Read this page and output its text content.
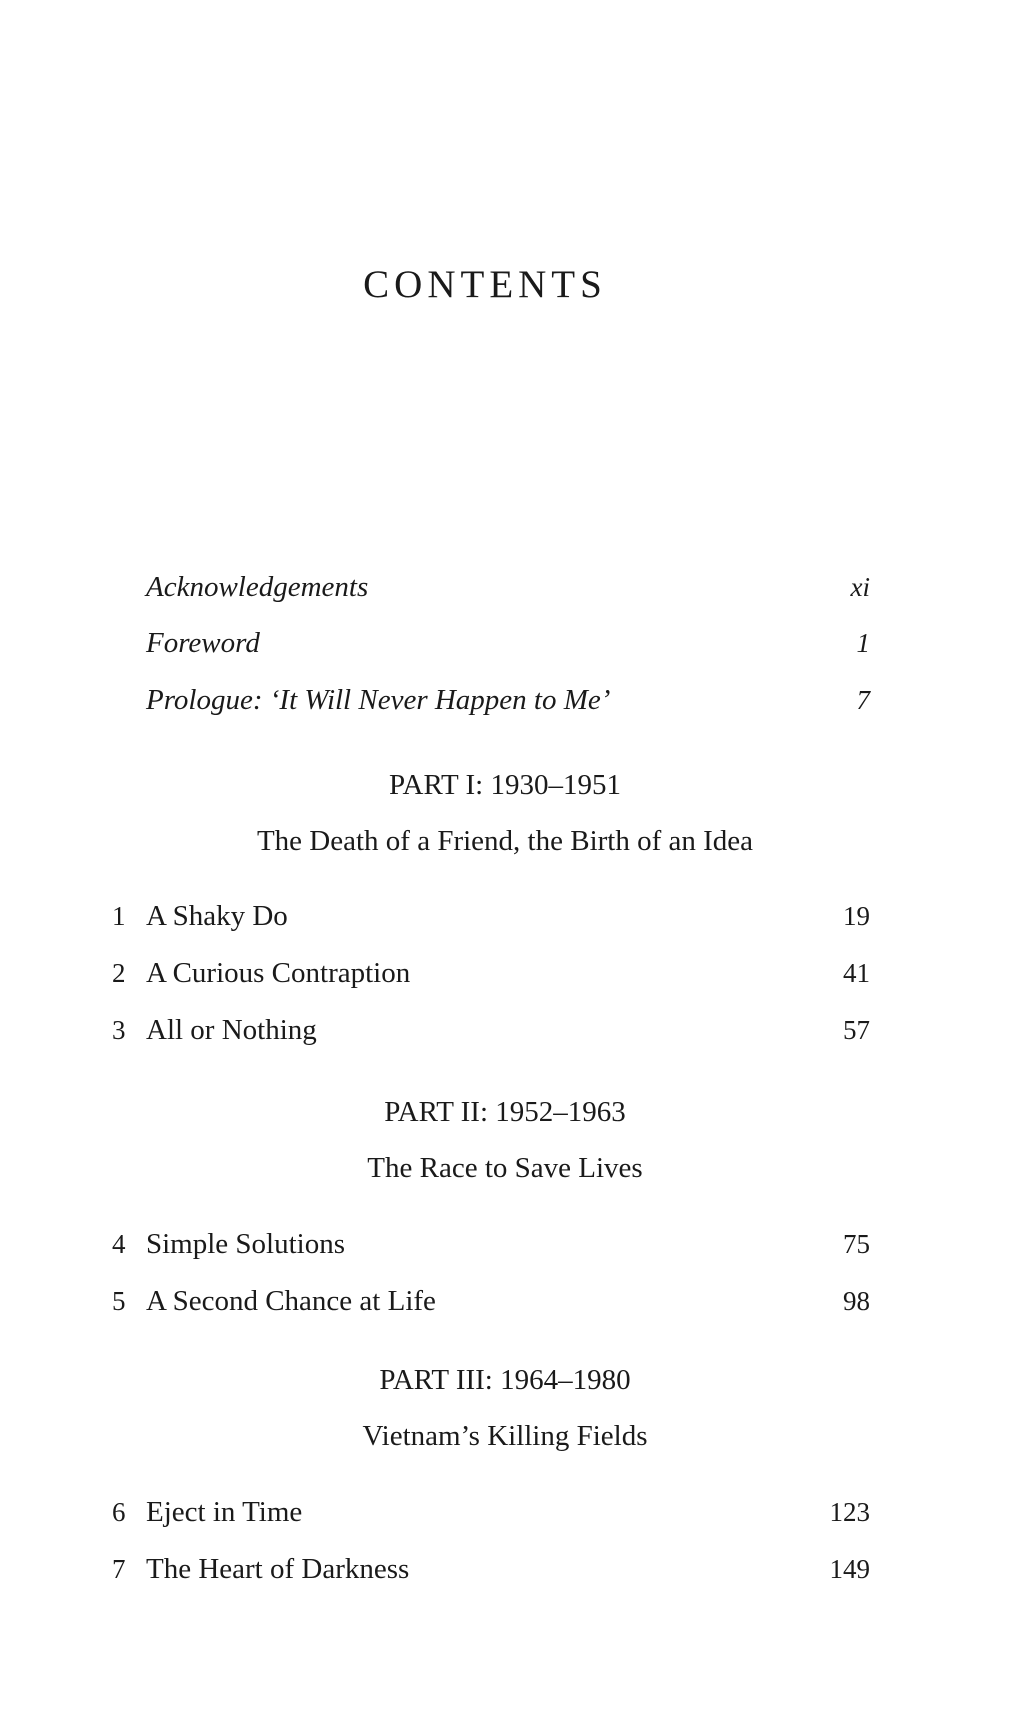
CONTENTS
Acknowledgements	xi
Foreword	1
Prologue: ‘It Will Never Happen to Me’	7
PART I: 1930–1951
The Death of a Friend, the Birth of an Idea
1 A Shaky Do	19
2 A Curious Contraption	41
3 All or Nothing	57
PART II: 1952–1963
The Race to Save Lives
4 Simple Solutions	75
5 A Second Chance at Life	98
PART III: 1964–1980
Vietnam’s Killing Fields
6 Eject in Time	123
7 The Heart of Darkness	149
